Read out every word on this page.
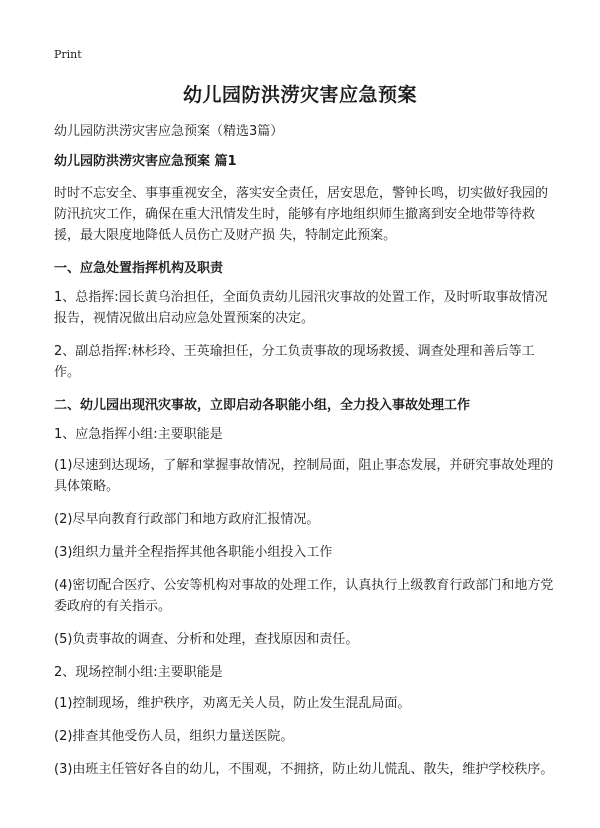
Print
幼儿园防洪涝灾害应急预案

幼儿园防洪涝灾害应急预案（精选3篇）

幼儿园防洪涝灾害应急预案 篇1

时时不忘安全、事事重视安全，落实安全责任，居安思危，警钟长鸣，切实做好我园的防汛抗灾工作，确保在重大汛情发生时，能够有序地组织师生撤离到安全地带等待救援，最大限度地降低人员伤亡及财产损 失，特制定此预案。

一、应急处置指挥机构及职责

1、总指挥:园长黄乌治担任，全面负责幼儿园汛灾事故的处置工作，及时听取事故情况报告，视情况做出启动应急处置预案的决定。

2、副总指挥:林杉玲、王英瑜担任，分工负责事故的现场救援、调查处理和善后等工作。

二、幼儿园出现汛灾事故，立即启动各职能小组，全力投入事故处理工作

1、应急指挥小组:主要职能是

(1)尽速到达现场，了解和掌握事故情况，控制局面，阻止事态发展，并研究事故处理的具体策略。

(2)尽早向教育行政部门和地方政府汇报情况。

(3)组织力量并全程指挥其他各职能小组投入工作

(4)密切配合医疗、公安等机构对事故的处理工作，认真执行上级教育行政部门和地方党委政府的有关指示。

(5)负责事故的调查、分析和处理，查找原因和责任。

2、现场控制小组:主要职能是

(1)控制现场，维护秩序，劝离无关人员，防止发生混乱局面。

(2)排查其他受伤人员，组织力量送医院。

(3)由班主任管好各自的幼儿，不围观，不拥挤，防止幼儿慌乱、散失，维护学校秩序。
